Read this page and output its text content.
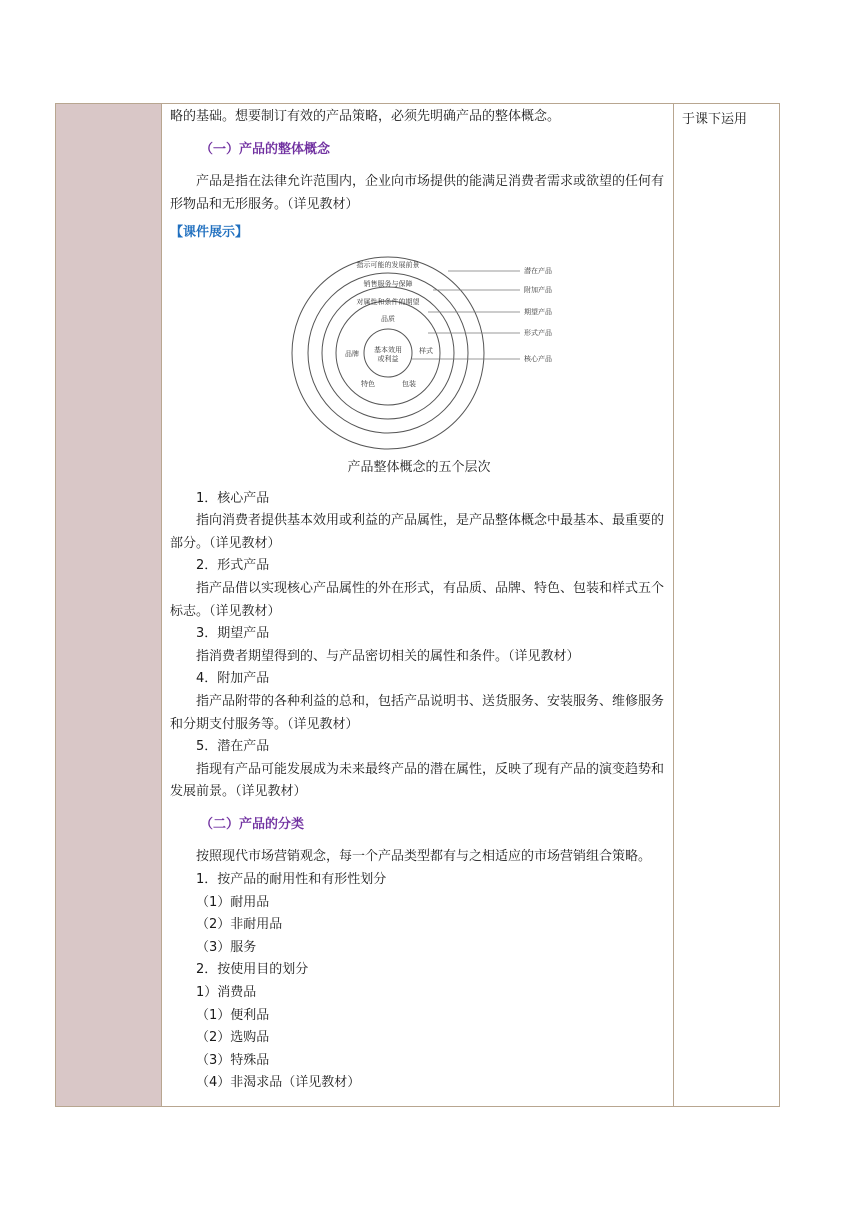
略的基础。想要制订有效的产品策略，必须先明确产品的整体概念。

（一）产品的整体概念

产品是指在法律允许范围内，企业向市场提供的能满足消费者需求或欲望的任何有形物品和无形服务。（详见教材）

【课件展示】

指示可能的发展前景
销售服务与保障
对属性和条件的期望
品质
品牌	样式
基本效用
或利益
特色	包装
潜在产品
附加产品
期望产品
形式产品
核心产品

产品整体概念的五个层次

1．核心产品

指向消费者提供基本效用或利益的产品属性，是产品整体概念中最基本、最重要的部分。（详见教材）

2．形式产品

指产品借以实现核心产品属性的外在形式，有品质、品牌、特色、包装和样式五个标志。（详见教材）

3．期望产品

指消费者期望得到的、与产品密切相关的属性和条件。（详见教材）

4．附加产品

指产品附带的各种利益的总和，包括产品说明书、送货服务、安装服务、维修服务和分期支付服务等。（详见教材）

5．潜在产品

指现有产品可能发展成为未来最终产品的潜在属性，反映了现有产品的演变趋势和发展前景。（详见教材）

（二）产品的分类

按照现代市场营销观念，每一个产品类型都有与之相适应的市场营销组合策略。

1．按产品的耐用性和有形性划分

（1）耐用品

（2）非耐用品

（3）服务

2．按使用目的划分

1）消费品

（1）便利品

（2）选购品

（3）特殊品

（4）非渴求品（详见教材）

于课下运用
